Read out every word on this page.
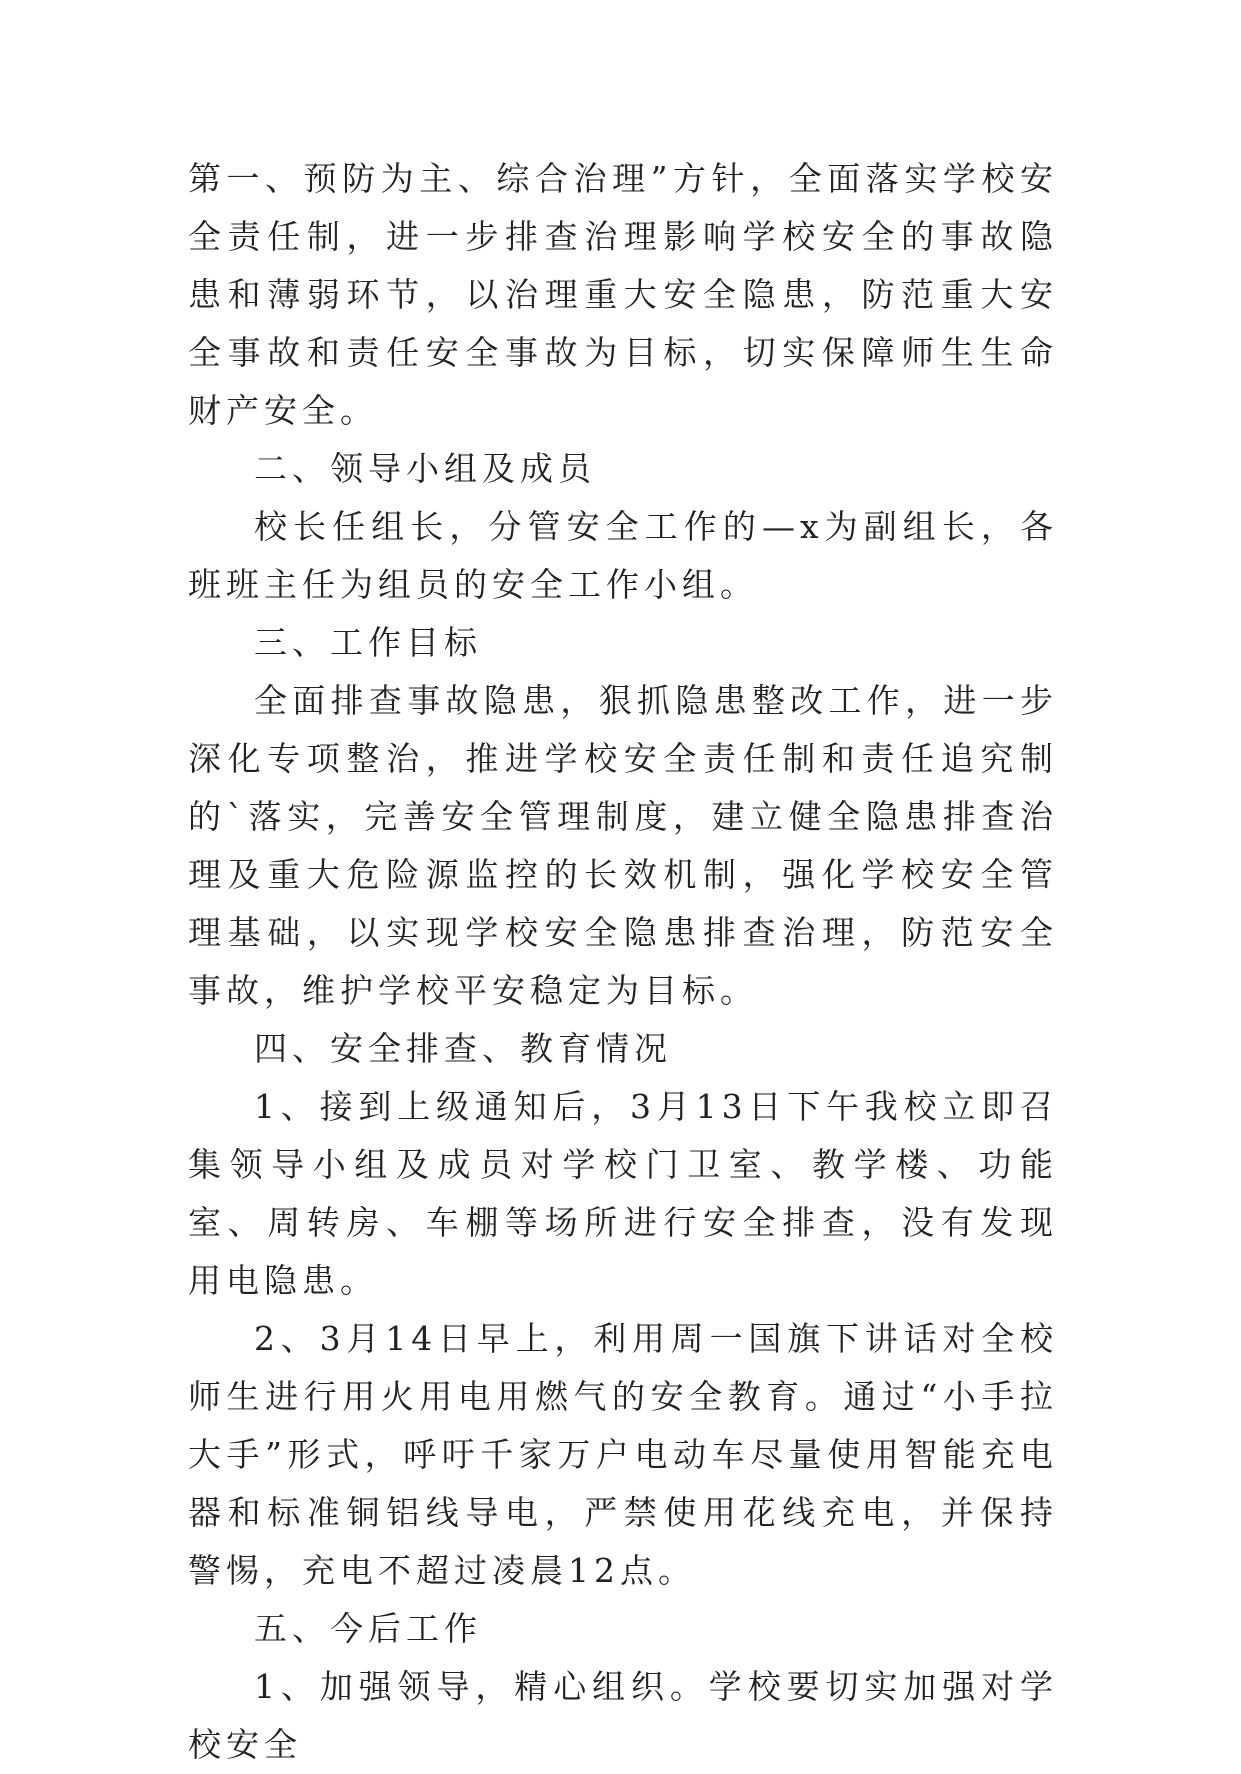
第一、预防为主、综合治理”方针，全面落实学校安全责任制，进一步排查治理影响学校安全的事故隐患和薄弱环节，以治理重大安全隐患，防范重大安全事故和责任安全事故为目标，切实保障师生生命财产安全。

二、领导小组及成员

校长任组长，分管安全工作的—x为副组长，各班班主任为组员的安全工作小组。

三、工作目标

全面排查事故隐患，狠抓隐患整改工作，进一步深化专项整治，推进学校安全责任制和责任追究制的`落实，完善安全管理制度，建立健全隐患排查治理及重大危险源监控的长效机制，强化学校安全管理基础，以实现学校安全隐患排查治理，防范安全事故，维护学校平安稳定为目标。

四、安全排查、教育情况

1、接到上级通知后，3月13日下午我校立即召集领导小组及成员对学校门卫室、教学楼、功能室、周转房、车棚等场所进行安全排查，没有发现用电隐患。

2、3月14日早上，利用周一国旗下讲话对全校师生进行用火用电用燃气的安全教育。通过“小手拉大手”形式，呼吁千家万户电动车尽量使用智能充电器和标准铜铝线导电，严禁使用花线充电，并保持警惕，充电不超过凌晨12点。

五、今后工作

1、加强领导，精心组织。学校要切实加强对学校安全
